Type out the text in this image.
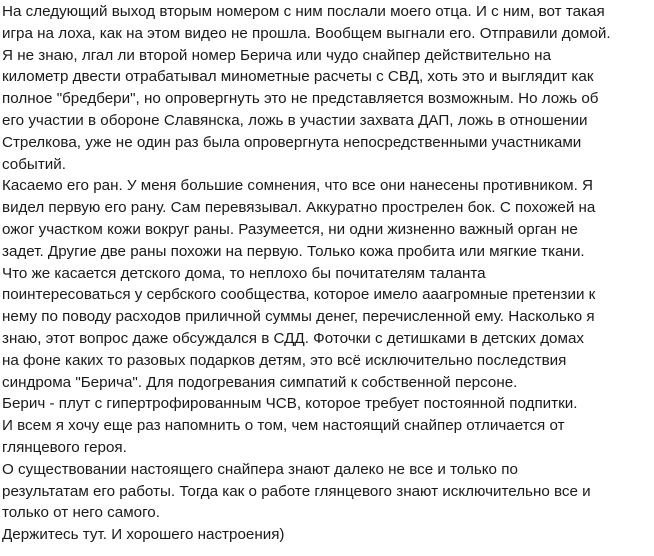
На следующий выход вторым номером с ним послали моего отца. И с ним, вот такая
игра на лоха, как на этом видео не прошла. Вообщем выгнали его. Отправили домой.
Я не знаю, лгал ли второй номер Берича или чудо снайпер действительно на
километр двести отрабатывал минометные расчеты с СВД, хоть это и выглядит как
полное "бредбери", но опровергнуть это не представляется возможным. Но ложь об
его участии в обороне Славянска, ложь в участии захвата ДАП, ложь в отношении
Стрелкова, уже не один раз была опровергнута непосредственными участниками
событий.
Касаемо его ран. У меня большие сомнения, что все они нанесены противником. Я
видел первую его рану. Сам перевязывал. Аккуратно прострелен бок. С похожей на
ожог участком кожи вокруг раны. Разумеется, ни одни жизненно важный орган не
задет. Другие две раны похожи на первую. Только кожа пробита или мягкие ткани.
Что же касается детского дома, то неплохо бы почитателям таланта
поинтересоваться у сербского сообщества, которое имело ааагромные претензии к
нему по поводу расходов приличной суммы денег, перечисленной ему. Насколько я
знаю, этот вопрос даже обсуждался в СДД. Фоточки с детишками в детских домах
на фоне каких то разовых подарков детям, это всё исключительно последствия
синдрома "Берича". Для подогревания симпатий к собственной персоне.
Берич - плут с гипертрофированным ЧСВ, которое требует постоянной подпитки.
И всем я хочу еще раз напомнить о том, чем настоящий снайпер отличается от
глянцевого героя.
О существовании настоящего снайпера знают далеко не все и только по
результатам его работы. Тогда как о работе глянцевого знают исключительно все и
только от него самого.
Держитесь тут. И хорошего настроения)
